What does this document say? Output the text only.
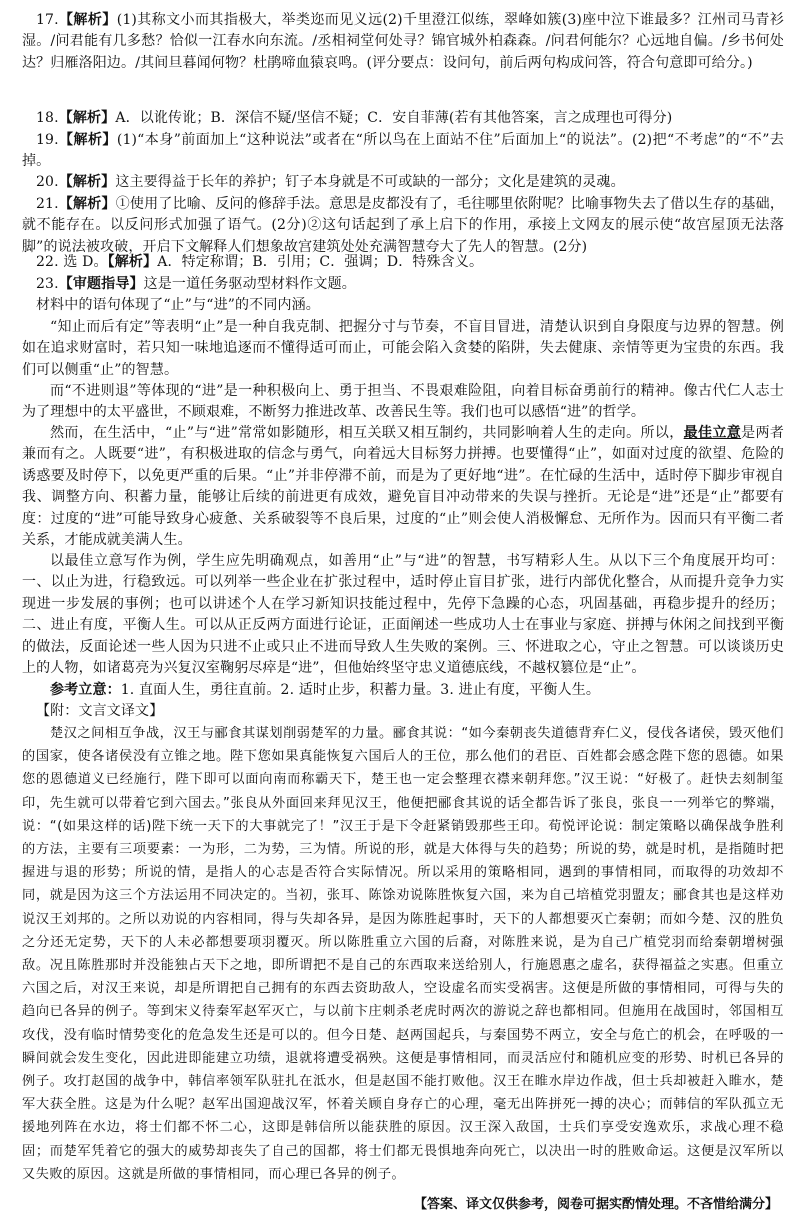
17.【解析】(1)其称文小而其指极大，举类迩而见义远(2)千里澄江似练，翠峰如簇(3)座中泣下谁最多？江州司马青衫湿。/问君能有几多愁？恰似一江春水向东流。/丞相祠堂何处寻？锦官城外柏森森。/问君何能尔？心远地自偏。/乡书何处达？归雁洛阳边。/其间旦暮闻何物？杜鹃啼血猿哀鸣。(评分要点：设问句，前后两句构成问答，符合句意即可给分。)

18.【解析】A．以讹传讹；B．深信不疑/坚信不疑；C．安自菲薄(若有其他答案，言之成理也可得分)

19.【解析】(1)“本身”前面加上“这种说法”或者在“所以鸟在上面站不住”后面加上“的说法”。(2)把“不考虑”的“不”去掉。

20.【解析】这主要得益于长年的养护；钉子本身就是不可或缺的一部分；文化是建筑的灵魂。

21.【解析】①使用了比喻、反问的修辞手法。意思是皮都没有了，毛往哪里依附呢？比喻事物失去了借以生存的基础，就不能存在。以反问形式加强了语气。(2分)②这句话起到了承上启下的作用，承接上文网友的展示使“故宫屋顶无法落脚”的说法被攻破，开启下文解释人们想象故宫建筑处处充满智慧夸大了先人的智慧。(2分)

22. 选 D。【解析】A．特定称谓；B．引用；C．强调；D．特殊含义。

23.【审题指导】这是一道任务驱动型材料作文题。

材料中的语句体现了“止”与“进”的不同内涵。

“知止而后有定”等表明“止”是一种自我克制、把握分寸与节奏，不盲目冒进，清楚认识到自身限度与边界的智慧。例如在追求财富时，若只知一味地追逐而不懂得适可而止，可能会陷入贪婪的陷阱，失去健康、亲情等更为宝贵的东西。我们可以侧重“止”的智慧。

而“不进则退”等体现的“进”是一种积极向上、勇于担当、不畏艰难险阻，向着目标奋勇前行的精神。像古代仁人志士为了理想中的太平盛世，不顾艰难，不断努力推进改革、改善民生等。我们也可以感悟“进”的哲学。

然而，在生活中，“止”与“进”常常如影随形，相互关联又相互制约，共同影响着人生的走向。所以，最佳立意是两者兼而有之。人既要“进”，有积极进取的信念与勇气，向着远大目标努力拼搏。也要懂得“止”，如面对过度的欲望、危险的诱惑要及时停下，以免更严重的后果。“止”并非停滞不前，而是为了更好地“进”。在忙碌的生活中，适时停下脚步审视自我、调整方向、积蓄力量，能够让后续的前进更有成效，避免盲目冲动带来的失误与挫折。无论是“进”还是“止”都要有度：过度的“进”可能导致身心疲惫、关系破裂等不良后果，过度的“止”则会使人消极懈怠、无所作为。因而只有平衡二者关系，才能成就美满人生。

以最佳立意写作为例，学生应先明确观点，如善用“止”与“进”的智慧，书写精彩人生。从以下三个角度展开均可：一、以止为进，行稳致远。可以列举一些企业在扩张过程中，适时停止盲目扩张，进行内部优化整合，从而提升竞争力实现进一步发展的事例；也可以讲述个人在学习新知识技能过程中，先停下急躁的心态，巩固基础，再稳步提升的经历；二、进止有度，平衡人生。可以从正反两方面进行论证，正面阐述一些成功人士在事业与家庭、拼搏与休闲之间找到平衡的做法，反面论述一些人因为只进不止或只止不进而导致人生失败的案例。三、怀进取之心，守止之智慧。可以谈谈历史上的人物，如诸葛亮为兴复汉室鞠躬尽瘁是“进”，但他始终坚守忠义道德底线，不越权篡位是“止”。

参考立意：1. 直面人生，勇往直前。2. 适时止步，积蓄力量。3. 进止有度，平衡人生。

【附：文言文译文】

楚汉之间相互争战，汉王与郦食其谋划削弱楚军的力量。郦食其说：“如今秦朝丧失道德背弃仁义，侵伐各诸侯，毁灭他们的国家，使各诸侯没有立锥之地。陛下您如果真能恢复六国后人的王位，那么他们的君臣、百姓都会感念陛下您的恩德。如果您的恩德道义已经施行，陛下即可以面向南而称霸天下，楚王也一定会整理衣襟来朝拜您。”汉王说：“好极了。赶快去刻制玺印，先生就可以带着它到六国去。”张良从外面回来拜见汉王，他便把郦食其说的话全都告诉了张良，张良一一列举它的弊端，说：“(如果这样的话)陛下统一天下的大事就完了！”汉王于是下令赶紧销毁那些王印。荀悦评论说：制定策略以确保战争胜利的方法，主要有三项要素：一为形，二为势，三为情。所说的形，就是大体得与失的趋势；所说的势，就是时机，是指随时把握进与退的形势；所说的情，是指人的心志是否符合实际情况。所以采用的策略相同，遇到的事情相同，而取得的功效却不同，就是因为这三个方法运用不同决定的。当初，张耳、陈馀劝说陈胜恢复六国，来为自己培植党羽盟友；郦食其也是这样劝说汉王刘邦的。之所以劝说的内容相同，得与失却各异，是因为陈胜起事时，天下的人都想要灭亡秦朝；而如今楚、汉的胜负之分还无定势，天下的人未必都想要项羽覆灭。所以陈胜重立六国的后裔，对陈胜来说，是为自己广植党羽而给秦朝增树强敌。况且陈胜那时并没能独占天下之地，即所谓把不是自己的东西取来送给别人，行施恩惠之虚名，获得福益之实惠。但重立六国之后，对汉王来说，却是所谓把自己拥有的东西去资助敌人，空设虚名而实受祸害。这便是所做的事情相同，可得与失的趋向已各异的例子。等到宋义待秦军赵军灭亡，与以前卞庄刺杀老虎时两次的游说之辞也都相同。但施用在战国时，邻国相互攻伐，没有临时情势变化的危急发生还是可以的。但今日楚、赵两国起兵，与秦国势不两立，安全与危亡的机会，在呼吸的一瞬间就会发生变化，因此进即能建立功绩，退就将遭受祸殃。这便是事情相同，而灵活应付和随机应变的形势、时机已各异的例子。攻打赵国的战争中，韩信率领军队驻扎在泜水，但是赵国不能打败他。汉王在睢水岸边作战，但士兵却被赶入睢水，楚军大获全胜。这是为什么呢？赵军出国迎战汉军，怀着关顾自身存亡的心理，毫无出阵拼死一搏的决心；而韩信的军队孤立无援地列阵在水边，将士们都不怀二心，这即是韩信所以能获胜的原因。汉王深入敌国，士兵们享受安逸欢乐，求战心理不稳固；而楚军凭着它的强大的威势却丧失了自己的国都，将士们都无畏惧地奔向死亡，以决出一时的胜败命运。这便是汉军所以又失败的原因。这就是所做的事情相同，而心理已各异的例子。

【答案、译文仅供参考，阅卷可据实酌情处理。不吝惜给满分】
